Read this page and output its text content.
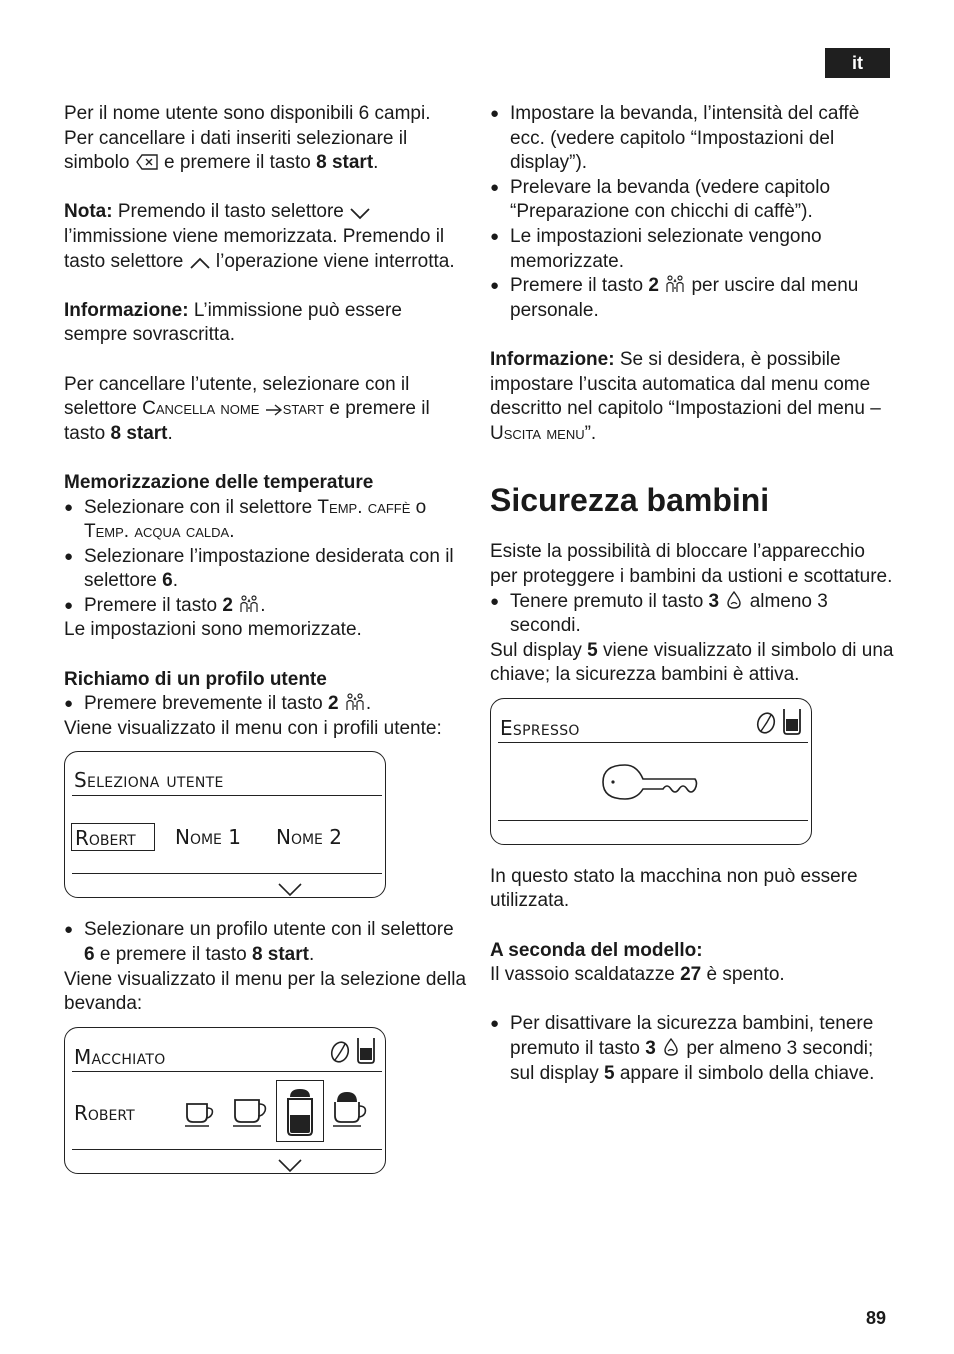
it

Per il nome utente sono disponibili 6 campi.
Per cancellare i dati inseriti selezionare il
simbolo e premere il tasto 8 start.

Nota: Premendo il tasto selettore
l’immissione viene memorizzata. Premendo il tasto selettore l’operazione viene interrotta.

Informazione: L’immissione può essere sempre sovrascritta.

Per cancellare l’utente, selezionare con il selettore Cancella nome start e premere il tasto 8 start.

Memorizzazione delle temperature

● Selezionare con il selettore Temp. caffè o Temp. acqua calda.

● Selezionare l’impostazione desiderata con il selettore 6.

● Premere il tasto 2 .

Le impostazioni sono memorizzate.

Richiamo di un profilo utente

● Premere brevemente il tasto 2 .

Viene visualizzato il menu con i profili utente:

Seleziona utente
Robert	Nome 1 Nome 2

● Selezionare un profilo utente con il selettore 6 e premere il tasto 8 start.

Viene visualizzato il menu per la selezione della bevanda:

Macchiato
Robert

● Impostare la bevanda, l’intensità del caffè ecc. (vedere capitolo “Impostazioni del display”).

● Prelevare la bevanda (vedere capitolo “Preparazione con chicchi di caffè”).

● Le impostazioni selezionate vengono memorizzate.

● Premere il tasto 2 per uscire dal menu personale.

Informazione: Se si desidera, è possibile impostare l’uscita automatica dal menu come descritto nel capitolo “Impostazioni del menu – Uscita menu”.

Sicurezza bambini

Esiste la possibilità di bloccare l’apparecchio per proteggere i bambini da ustioni e scottature.

● Tenere premuto il tasto 3 almeno 3 secondi.

Sul display 5 viene visualizzato il simbolo di una chiave; la sicurezza bambini è attiva.

Espresso

In questo stato la macchina non può essere utilizzata.

A seconda del modello:

Il vassoio scaldatazze 27 è spento.

● Per disattivare la sicurezza bambini, tenere premuto il tasto 3 per almeno 3 secondi; sul display 5 appare il simbolo della chiave.

89
